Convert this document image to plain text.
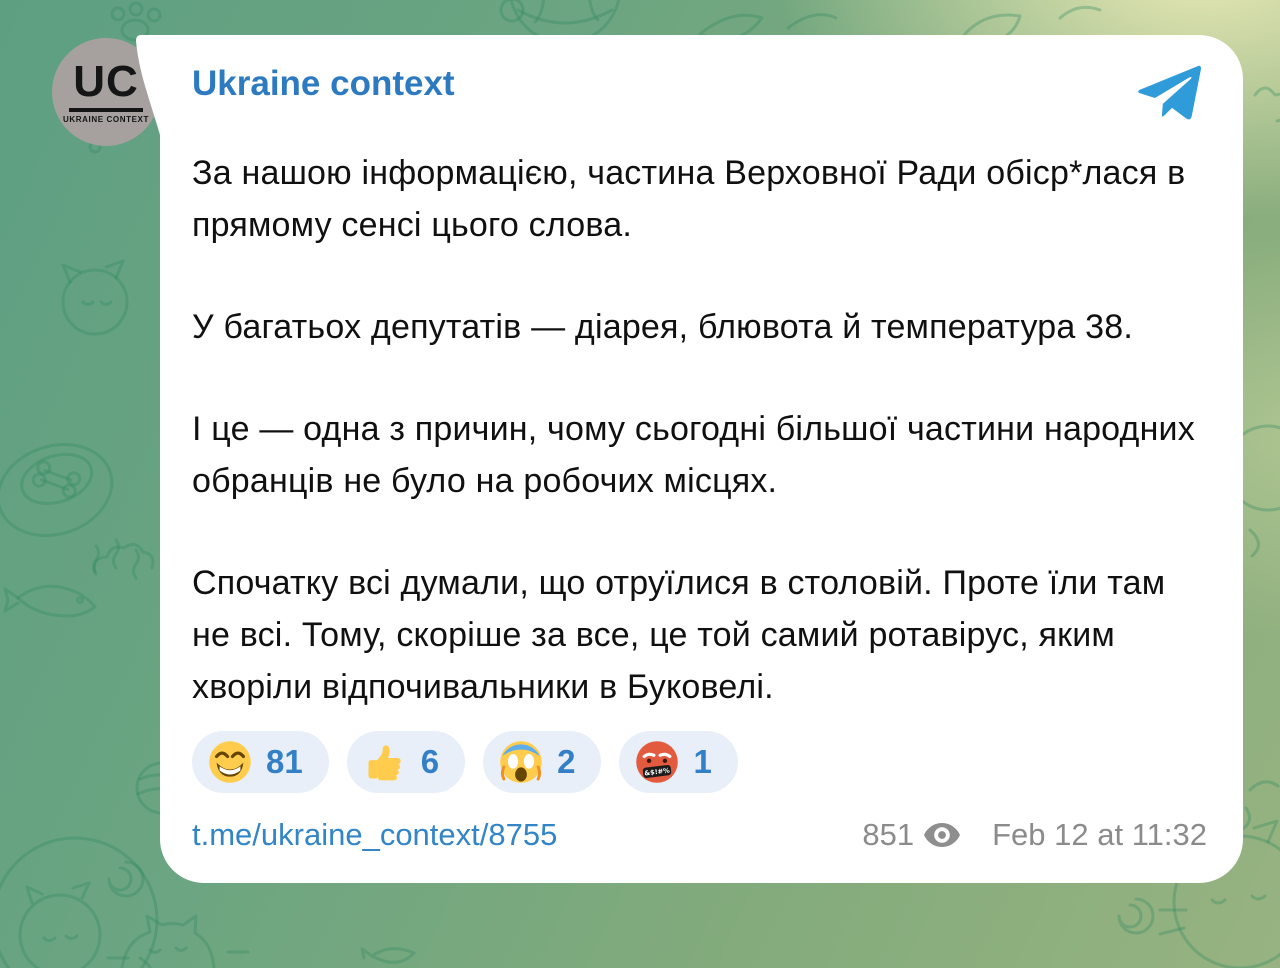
UC
UKRAINE CONTEXT
Ukraine context

За нашою інформацією, частина Верховної Ради обіср*лася в прямому сенсі цього слова.

У багатьох депутатів — діарея, блювота й температура 38.

І це — одна з причин, чому сьогодні більшої частини народних обранців не було на робочих місцях.

Спочатку всі думали, що отруїлися в столовій. Проте їли там не всі. Тому, скоріше за все, це той самий ротавірус, яким хворіли відпочивальники в Буковелі.

81	6	2	&$!#% 1
t.me/ukraine_context/8755	851	Feb 12 at 11:32
